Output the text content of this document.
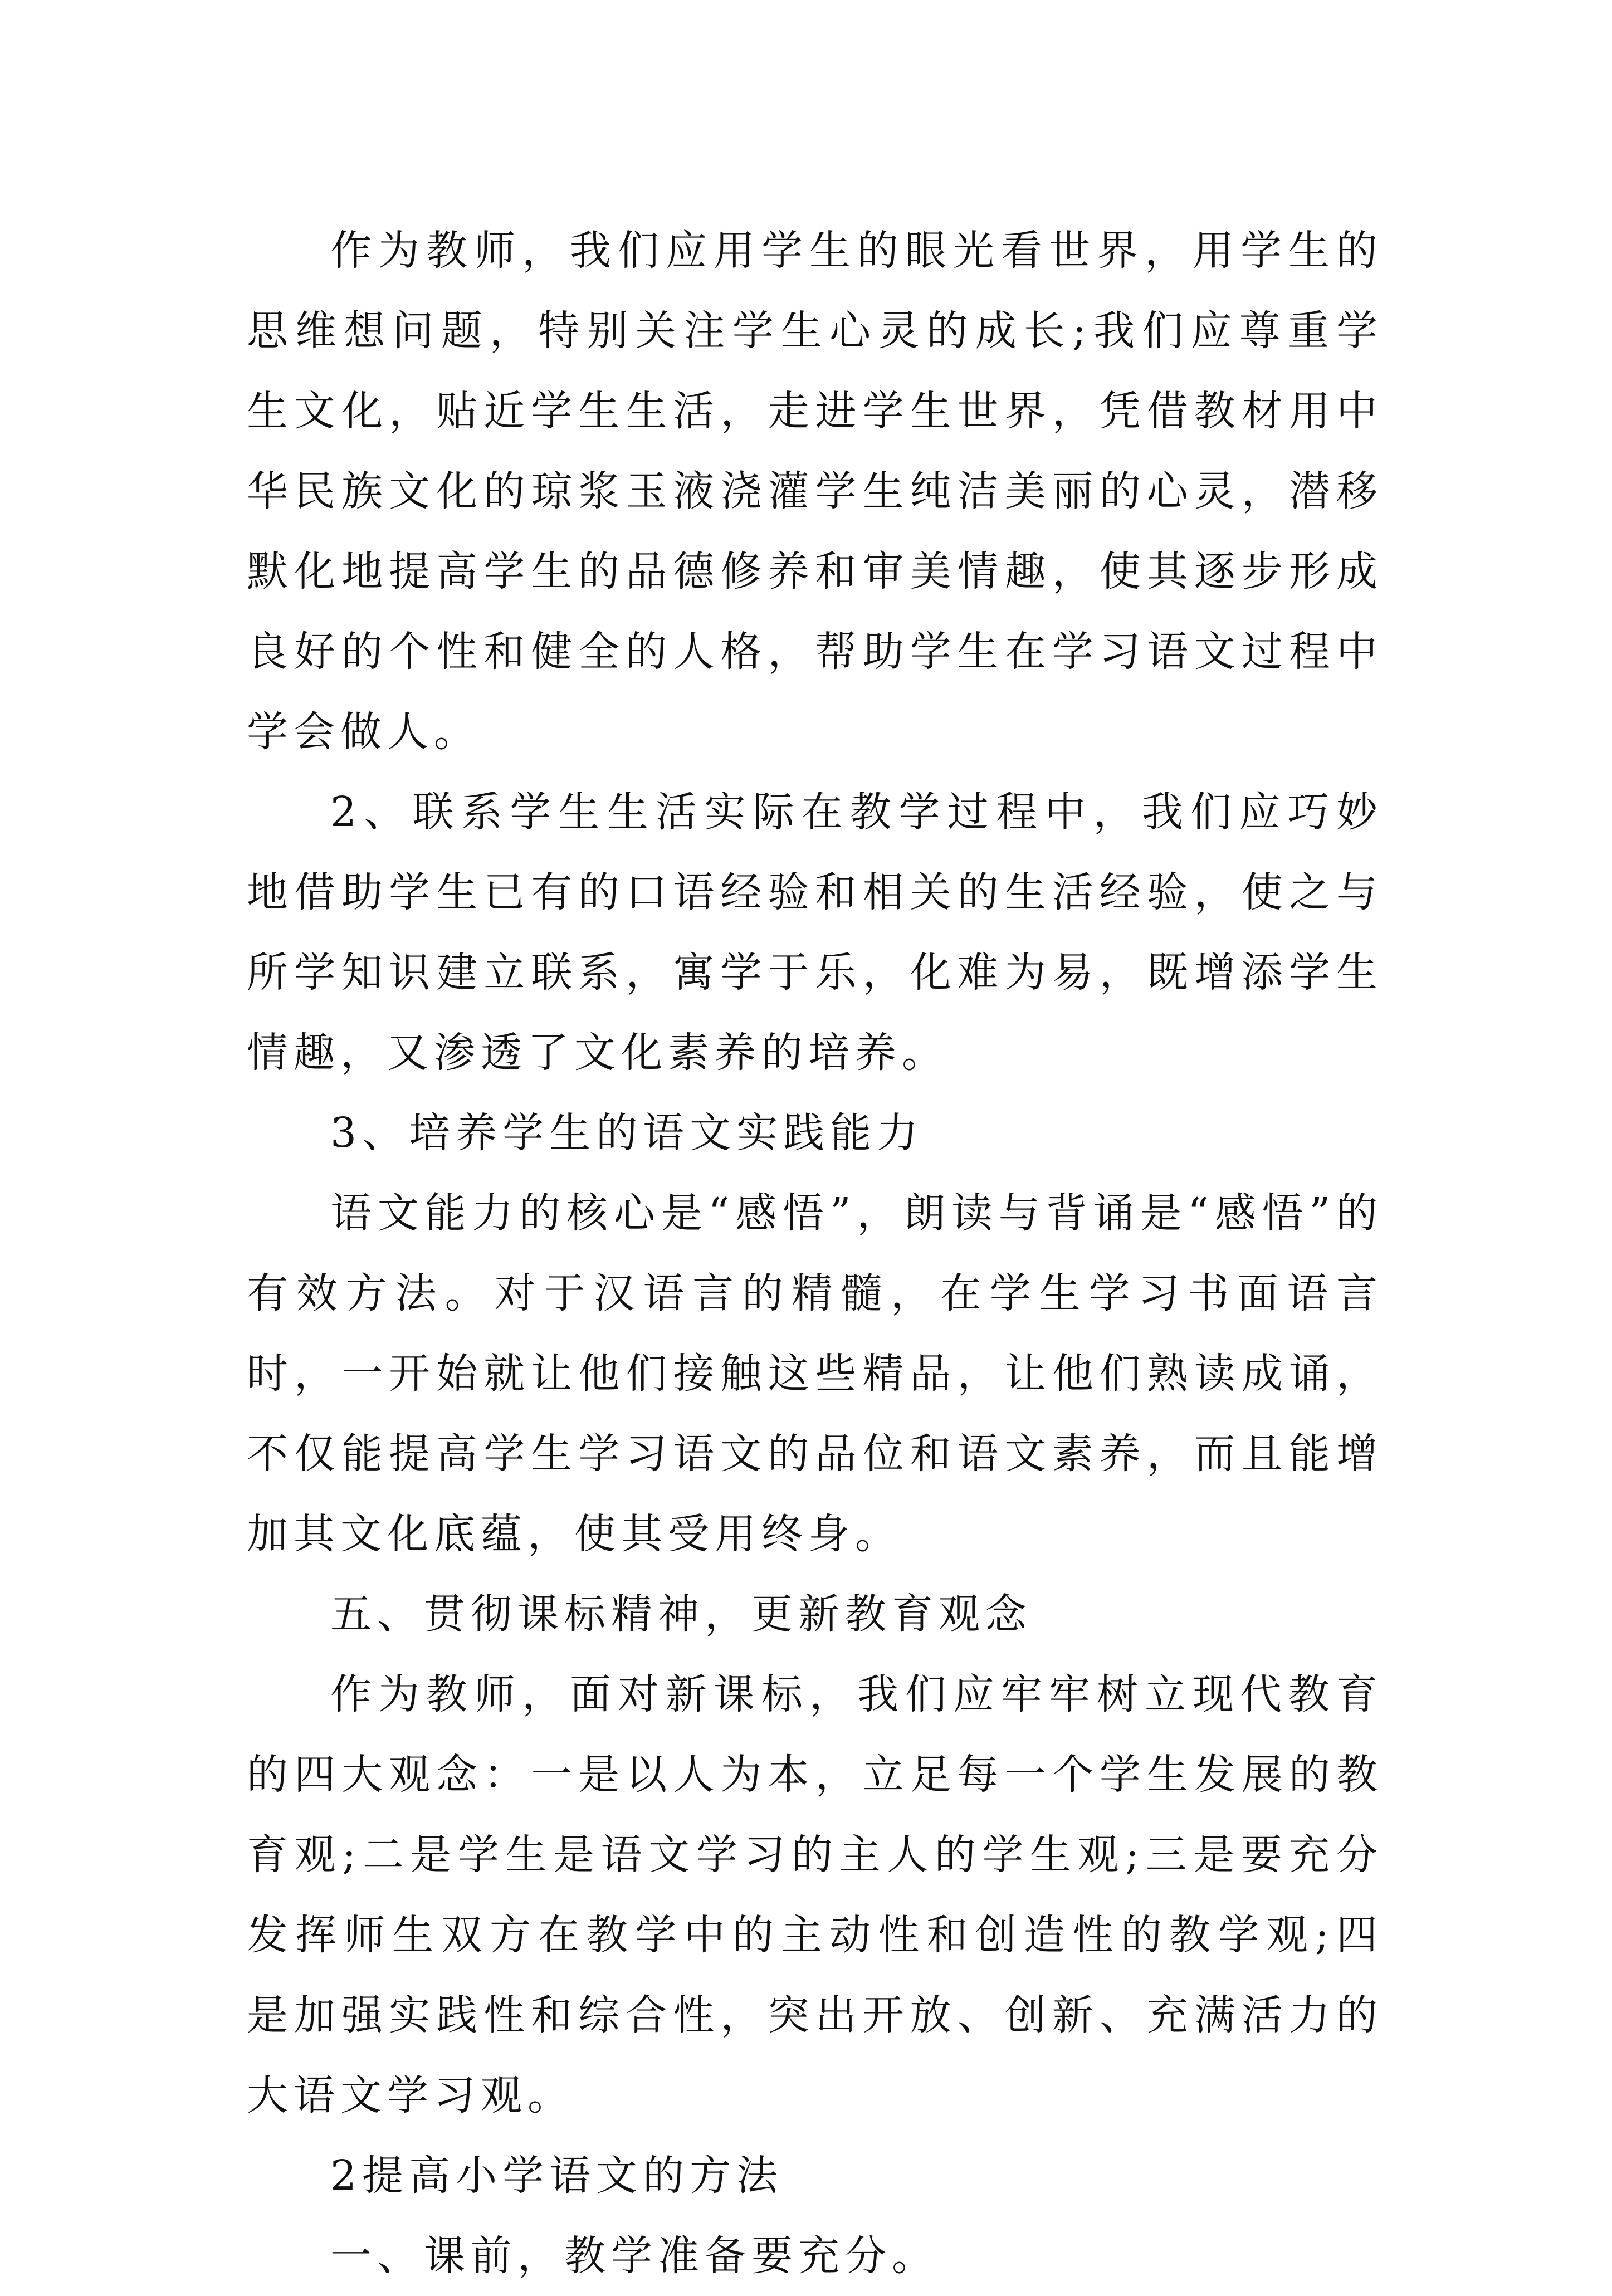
作为教师，我们应用学生的眼光看世界，用学生的思维想问题，特别关注学生心灵的成长;我们应尊重学生文化，贴近学生生活，走进学生世界，凭借教材用中华民族文化的琼浆玉液浇灌学生纯洁美丽的心灵，潜移默化地提高学生的品德修养和审美情趣，使其逐步形成良好的个性和健全的人格，帮助学生在学习语文过程中学会做人。

2、联系学生生活实际在教学过程中，我们应巧妙地借助学生已有的口语经验和相关的生活经验，使之与所学知识建立联系，寓学于乐，化难为易，既增添学生情趣，又渗透了文化素养的培养。

3、培养学生的语文实践能力

语文能力的核心是“感悟”，朗读与背诵是“感悟”的有效方法。对于汉语言的精髓，在学生学习书面语言时，一开始就让他们接触这些精品，让他们熟读成诵，不仅能提高学生学习语文的品位和语文素养，而且能增加其文化底蕴，使其受用终身。

五、贯彻课标精神，更新教育观念

作为教师，面对新课标，我们应牢牢树立现代教育的四大观念：一是以人为本，立足每一个学生发展的教育观;二是学生是语文学习的主人的学生观;三是要充分发挥师生双方在教学中的主动性和创造性的教学观;四是加强实践性和综合性，突出开放、创新、充满活力的大语文学习观。

2提高小学语文的方法

一、课前，教学准备要充分。
